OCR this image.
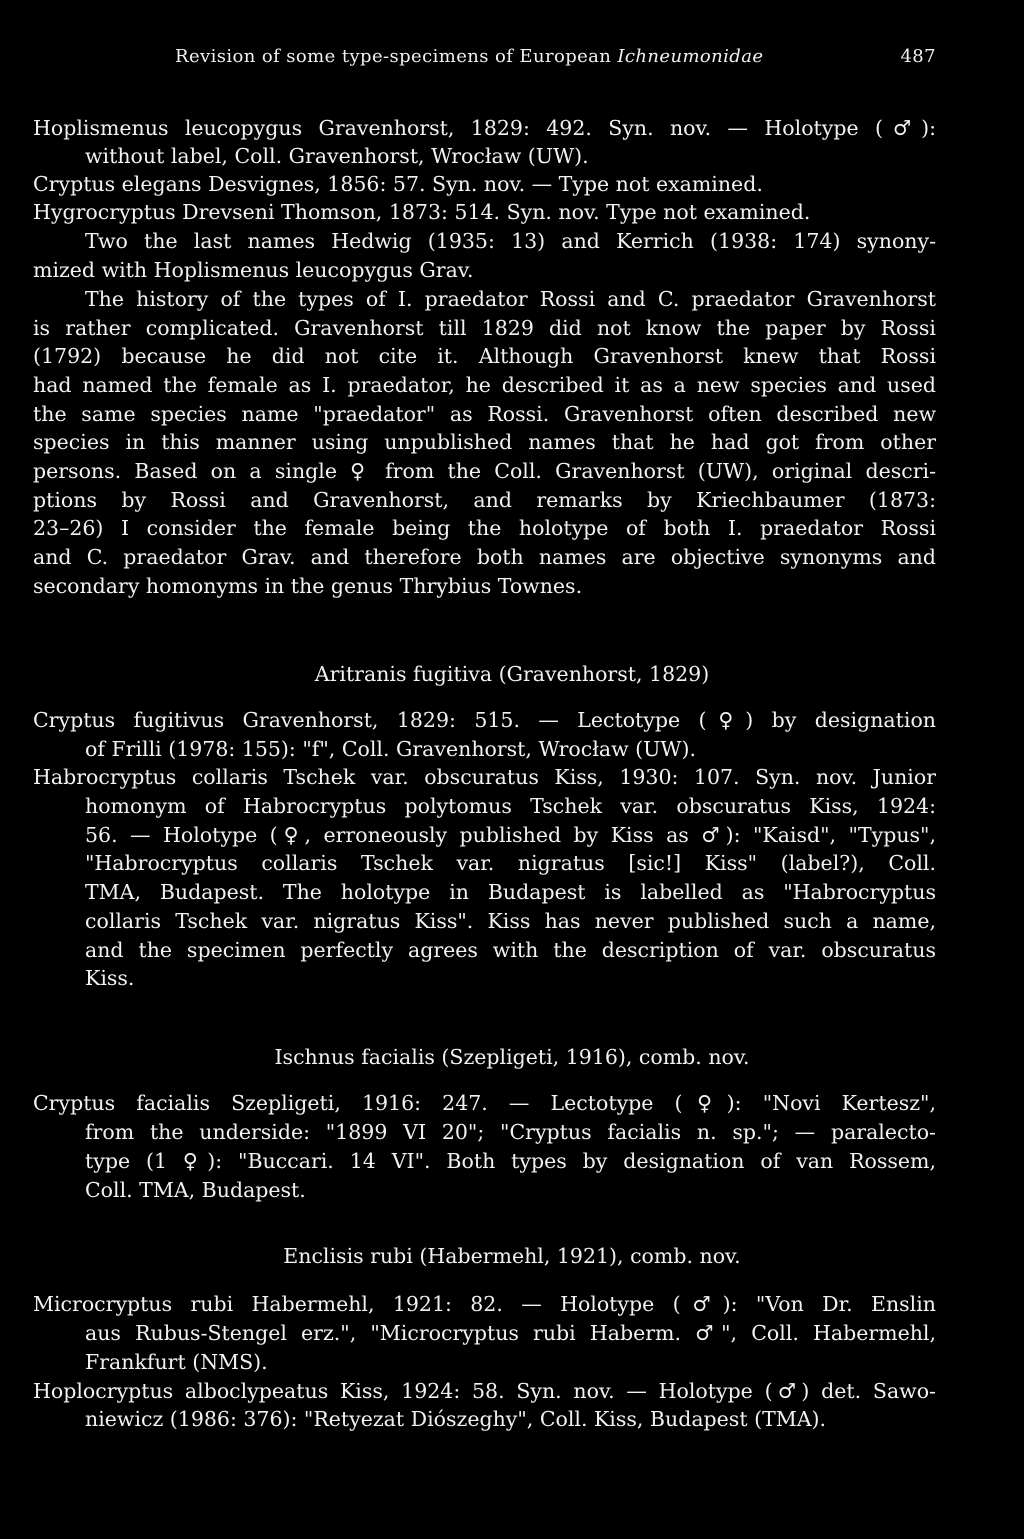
Revision of some type-specimens of European Ichneumonidae	487
Hoplismenus leucopygus Gravenhorst, 1829: 492. Syn. nov. — Holotype (♂):
without label, Coll. Gravenhorst, Wrocław (UW).
Cryptus elegans Desvignes, 1856: 57. Syn. nov. — Type not examined.
Hygrocryptus Drevseni Thomson, 1873: 514. Syn. nov. Type not examined.
Two the last names Hedwig (1935: 13) and Kerrich (1938: 174) synony-
mized with Hoplismenus leucopygus Grav.
The history of the types of I. praedator Rossi and C. praedator Gravenhorst
is rather complicated. Gravenhorst till 1829 did not know the paper by Rossi
(1792) because he did not cite it. Although Gravenhorst knew that Rossi
had named the female as I. praedator, he described it as a new species and used
the same species name "praedator" as Rossi. Gravenhorst often described new
species in this manner using unpublished names that he had got from other
persons. Based on a single ♀ from the Coll. Gravenhorst (UW), original descri-
ptions by Rossi and Gravenhorst, and remarks by Kriechbaumer (1873:
23–26) I consider the female being the holotype of both I. praedator Rossi
and C. praedator Grav. and therefore both names are objective synonyms and
secondary homonyms in the genus Thrybius Townes.
Aritranis fugitiva (Gravenhorst, 1829)
Cryptus fugitivus Gravenhorst, 1829: 515. — Lectotype (♀) by designation
of Frilli (1978: 155): "f", Coll. Gravenhorst, Wrocław (UW).
Habrocryptus collaris Tschek var. obscuratus Kiss, 1930: 107. Syn. nov. Junior
homonym of Habrocryptus polytomus Tschek var. obscuratus Kiss, 1924:
56. — Holotype (♀, erroneously published by Kiss as ♂): "Kaisd", "Typus",
"Habrocryptus collaris Tschek var. nigratus [sic!] Kiss" (label?), Coll.
TMA, Budapest. The holotype in Budapest is labelled as "Habrocryptus
collaris Tschek var. nigratus Kiss". Kiss has never published such a name,
and the specimen perfectly agrees with the description of var. obscuratus
Kiss.
Ischnus facialis (Szepligeti, 1916), comb. nov.
Cryptus facialis Szepligeti, 1916: 247. — Lectotype (♀): "Novi Kertesz",
from the underside: "1899 VI 20"; "Cryptus facialis n. sp."; — paralecto-
type (1 ♀): "Buccari. 14 VI". Both types by designation of van Rossem,
Coll. TMA, Budapest.
Enclisis rubi (Habermehl, 1921), comb. nov.
Microcryptus rubi Habermehl, 1921: 82. — Holotype (♂): "Von Dr. Enslin
aus Rubus-Stengel erz.", "Microcryptus rubi Haberm. ♂", Coll. Habermehl,
Frankfurt (NMS).
Hoplocryptus alboclypeatus Kiss, 1924: 58. Syn. nov. — Holotype (♂) det. Sawo-
niewicz (1986: 376): "Retyezat Diószeghy", Coll. Kiss, Budapest (TMA).
